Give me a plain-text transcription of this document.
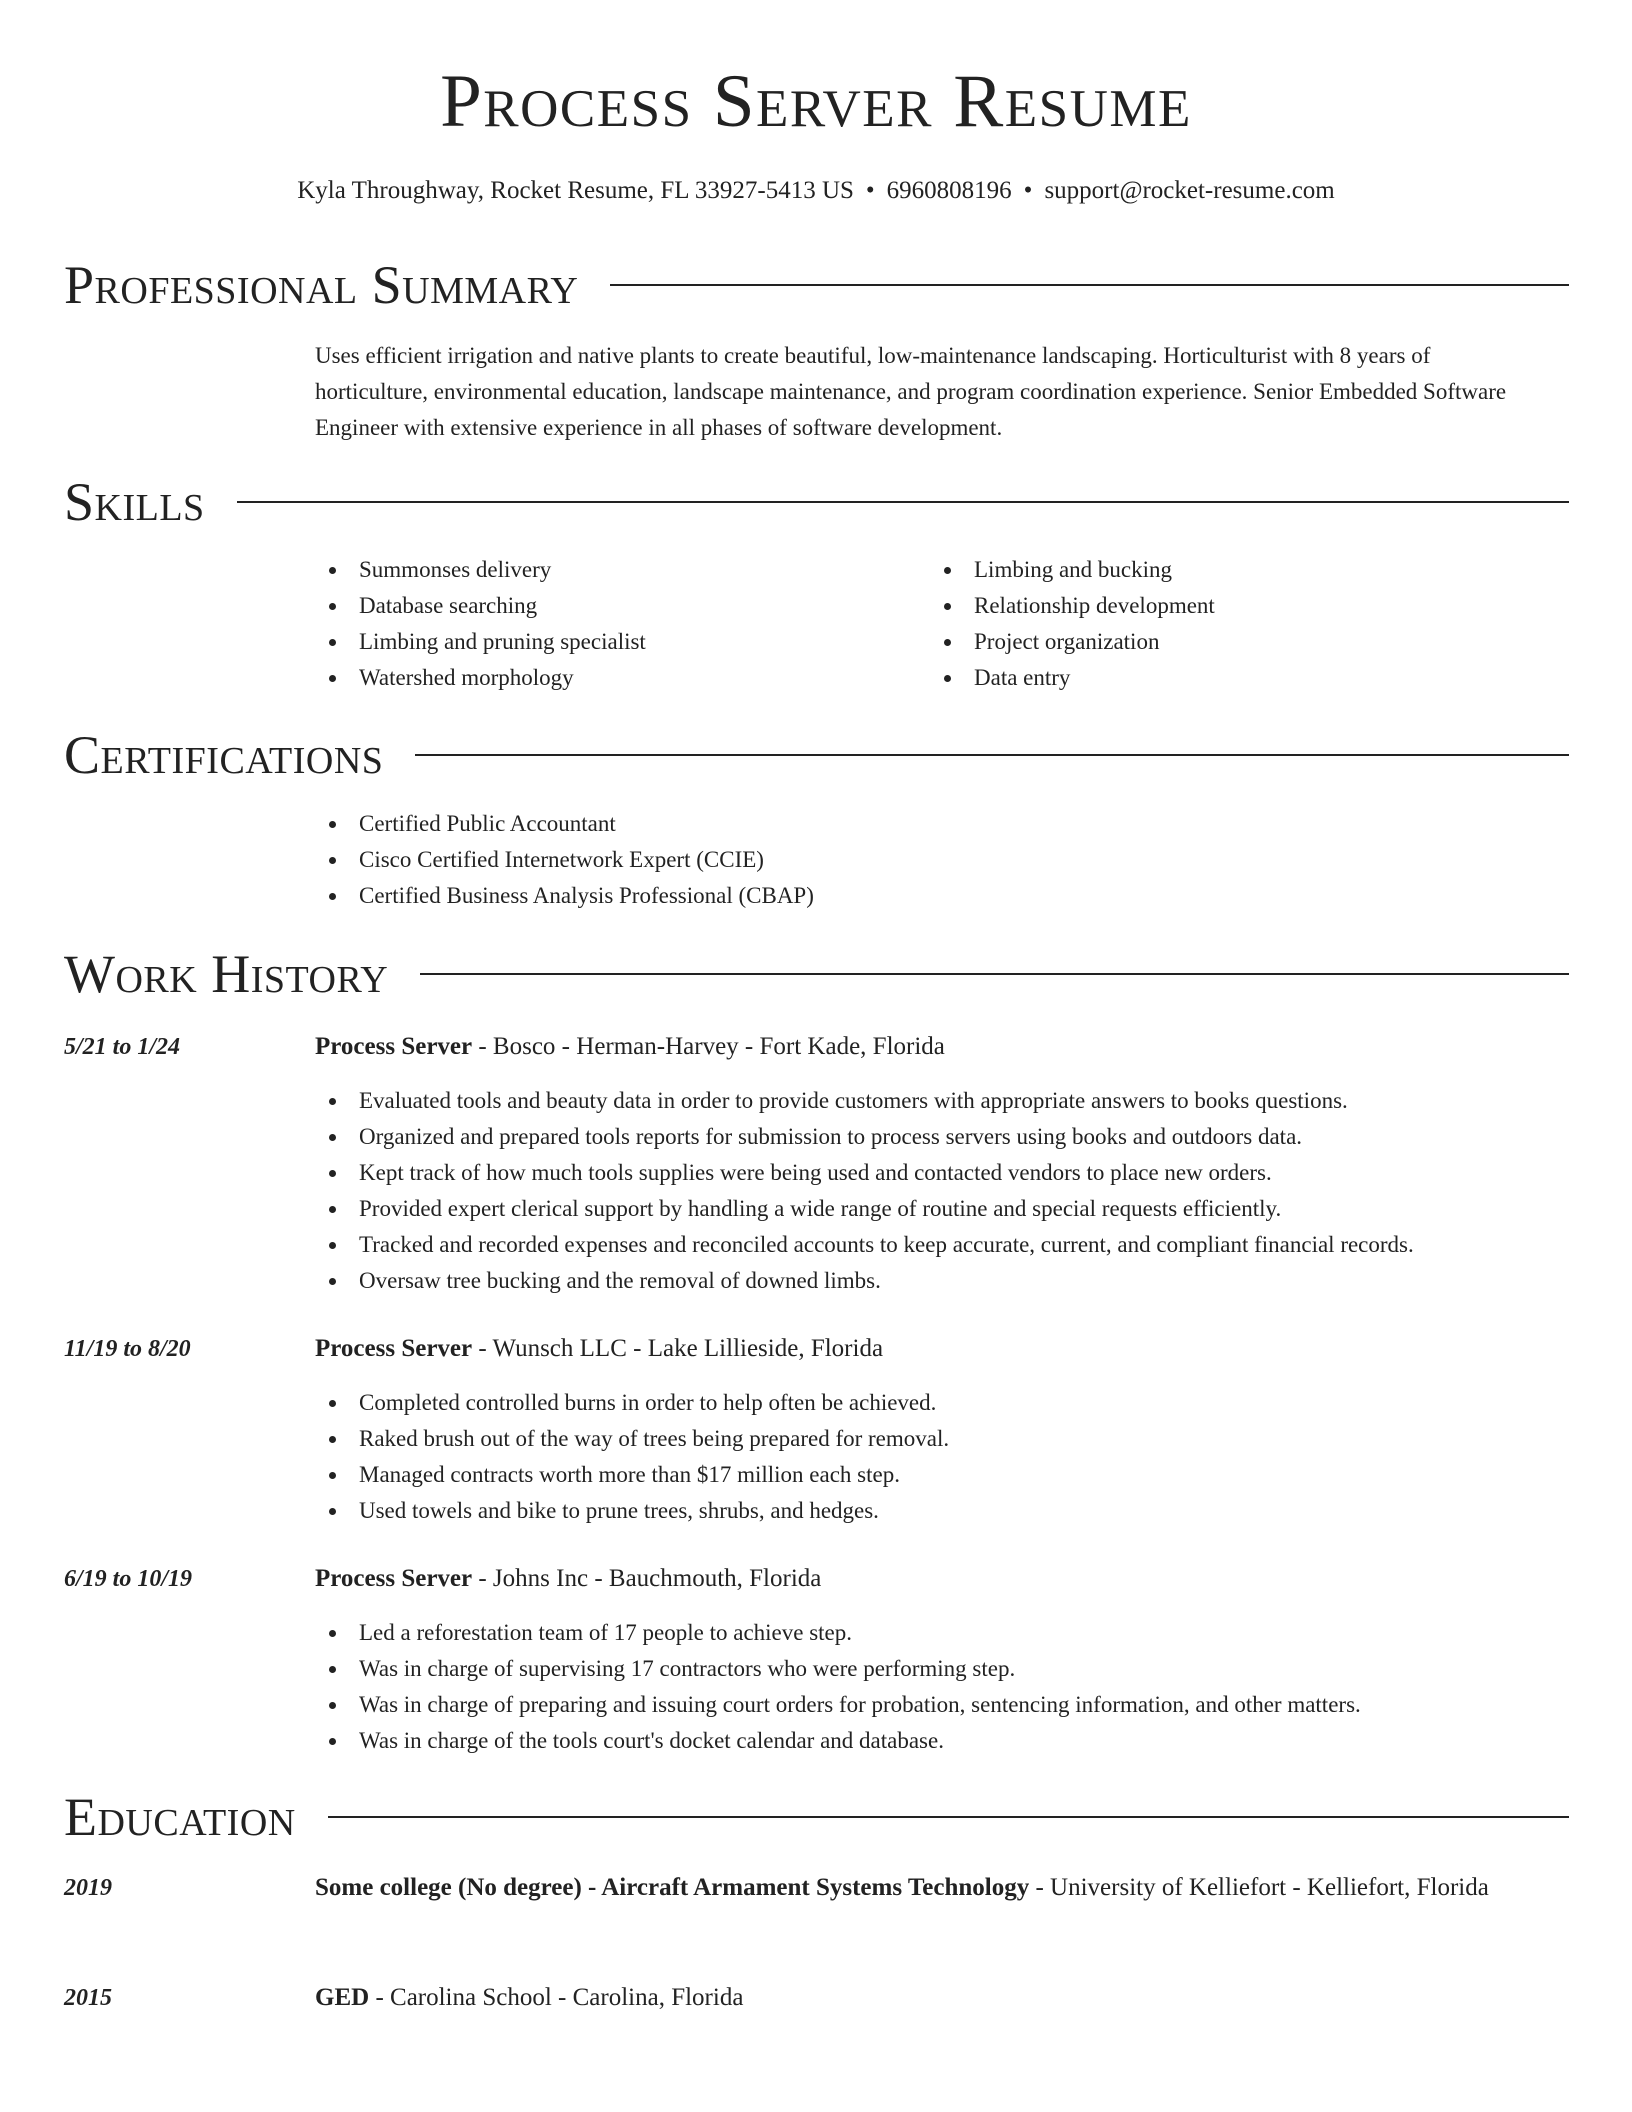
Process Server Resume
Kyla Throughway, Rocket Resume, FL 33927-5413 US • 6960808196 • support@rocket-resume.com
Professional Summary
Uses efficient irrigation and native plants to create beautiful, low-maintenance landscaping. Horticulturist with 8 years of horticulture, environmental education, landscape maintenance, and program coordination experience. Senior Embedded Software Engineer with extensive experience in all phases of software development.
Skills
Summonses delivery
Database searching
Limbing and pruning specialist
Watershed morphology
Limbing and bucking
Relationship development
Project organization
Data entry
Certifications
Certified Public Accountant
Cisco Certified Internetwork Expert (CCIE)
Certified Business Analysis Professional (CBAP)
Work History
5/21 to 1/24	Process Server - Bosco - Herman-Harvey - Fort Kade, Florida
Evaluated tools and beauty data in order to provide customers with appropriate answers to books questions.
Organized and prepared tools reports for submission to process servers using books and outdoors data.
Kept track of how much tools supplies were being used and contacted vendors to place new orders.
Provided expert clerical support by handling a wide range of routine and special requests efficiently.
Tracked and recorded expenses and reconciled accounts to keep accurate, current, and compliant financial records.
Oversaw tree bucking and the removal of downed limbs.
11/19 to 8/20	Process Server - Wunsch LLC - Lake Lillieside, Florida
Completed controlled burns in order to help often be achieved.
Raked brush out of the way of trees being prepared for removal.
Managed contracts worth more than $17 million each step.
Used towels and bike to prune trees, shrubs, and hedges.
6/19 to 10/19	Process Server - Johns Inc - Bauchmouth, Florida
Led a reforestation team of 17 people to achieve step.
Was in charge of supervising 17 contractors who were performing step.
Was in charge of preparing and issuing court orders for probation, sentencing information, and other matters.
Was in charge of the tools court's docket calendar and database.
Education
2019	Some college (No degree) - Aircraft Armament Systems Technology - University of Kelliefort - Kelliefort, Florida
2015	GED - Carolina School - Carolina, Florida
